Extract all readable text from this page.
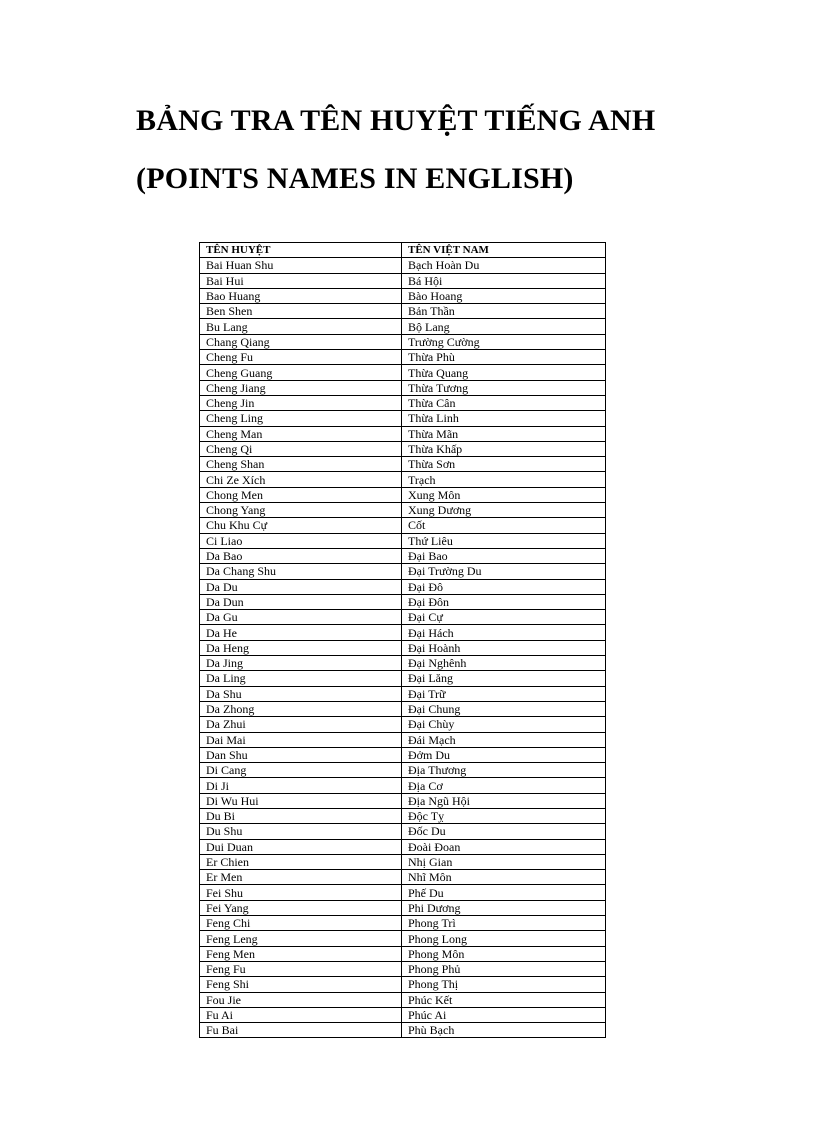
BẢNG TRA TÊN HUYỆT TIẾNG ANH
(POINTS NAMES IN ENGLISH)
TÊN HUYỆT	TÊN VIỆT NAM
Bai Huan Shu	Bạch Hoàn Du
Bai Hui	Bá Hội
Bao Huang	Bào Hoang
Ben Shen	Bản Thần
Bu Lang	Bộ Lang
Chang Qiang	Trường Cường
Cheng Fu	Thừa Phù
Cheng Guang	Thừa Quang
Cheng Jiang	Thừa Tương
Cheng Jin	Thừa Cân
Cheng Ling	Thừa Linh
Cheng Man	Thừa Mãn
Cheng Qi	Thừa Khấp
Cheng Shan	Thừa Sơn
Chi Ze Xích	Trạch
Chong Men	Xung Môn
Chong Yang	Xung Dương
Chu Khu Cự	Cốt
Ci Liao	Thứ Liêu
Da Bao	Đại Bao
Da Chang Shu	Đại Trường Du
Da Du	Đại Đô
Da Dun	Đại Đôn
Da Gu	Đại Cự
Da He	Đại Hách
Da Heng	Đại Hoành
Da Jing	Đại Nghênh
Da Ling	Đại Lăng
Da Shu	Đại Trữ
Da Zhong	Đại Chung
Da Zhui	Đại Chùy
Dai Mai	Đái Mạch
Dan Shu	Đởm Du
Di Cang	Địa Thương
Di Ji	Địa Cơ
Di Wu Hui	Địa Ngũ Hội
Du Bi	Độc Tỵ
Du Shu	Đốc Du
Dui Duan	Đoài Đoan
Er Chien	Nhị Gian
Er Men	Nhĩ Môn
Fei Shu	Phế Du
Fei Yang	Phi Dương
Feng Chi	Phong Trì
Feng Leng	Phong Long
Feng Men	Phong Môn
Feng Fu	Phong Phủ
Feng Shi	Phong Thị
Fou Jie	Phúc Kết
Fu Ai	Phúc Ai
Fu Bai	Phù Bạch
